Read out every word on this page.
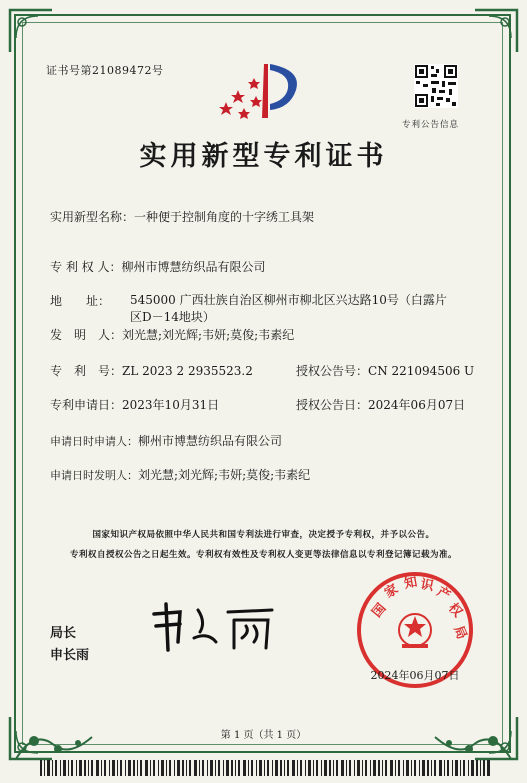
证书号第21089472号
专利公告信息
实用新型专利证书
实用新型名称：一种便于控制角度的十字绣工具架
专 利 权 人：柳州市博慧纺织品有限公司
地　　址： 545000 广西壮族自治区柳州市柳北区兴达路10号（白露片区D－14地块）
发　明　人：刘光慧;刘光辉;韦妍;莫俊;韦素纪
专　利　号：ZL 2023 2 2935523.2	授权公告号：CN 221094506 U
专利申请日：2023年10月31日	授权公告日：2024年06月07日
申请日时申请人：柳州市博慧纺织品有限公司
申请日时发明人：刘光慧;刘光辉;韦妍;莫俊;韦素纪
国家知识产权局依照中华人民共和国专利法进行审查，决定授予专利权，并予以公告。
专利权自授权公告之日起生效。专利权有效性及专利权人变更等法律信息以专利登记簿记载为准。
局长
申长雨
国
家 知 识 产
权
局
2024年06月07日
第 1 页（共 1 页）
